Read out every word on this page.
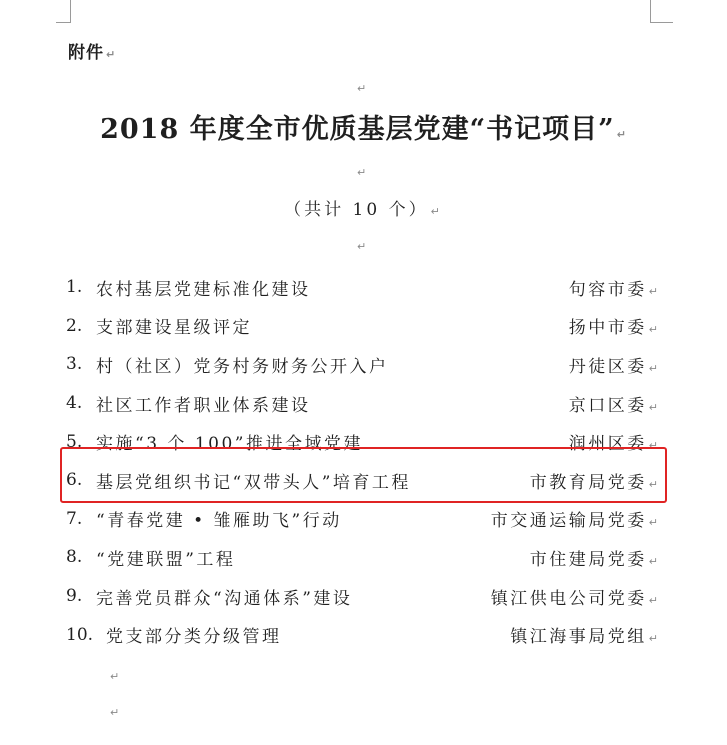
附件 ↵
↵
2018 年度全市优质基层党建“书记项目” ↵
↵
（共计 10 个） ↵
↵
1. 农村基层党建标准化建设	句容市委 ↵
2. 支部建设星级评定	扬中市委 ↵
3. 村（社区）党务村务财务公开入户	丹徒区委 ↵
4. 社区工作者职业体系建设	京口区委 ↵
5. 实施“3 个 100”推进全域党建	润州区委 ↵
6. 基层党组织书记“双带头人”培育工程	市教育局党委 ↵
7. “青春党建 • 雏雁助飞”行动	市交通运输局党委 ↵
8. “党建联盟”工程	市住建局党委 ↵
9. 完善党员群众“沟通体系”建设	镇江供电公司党委 ↵
10. 党支部分类分级管理	镇江海事局党组 ↵
↵
↵
